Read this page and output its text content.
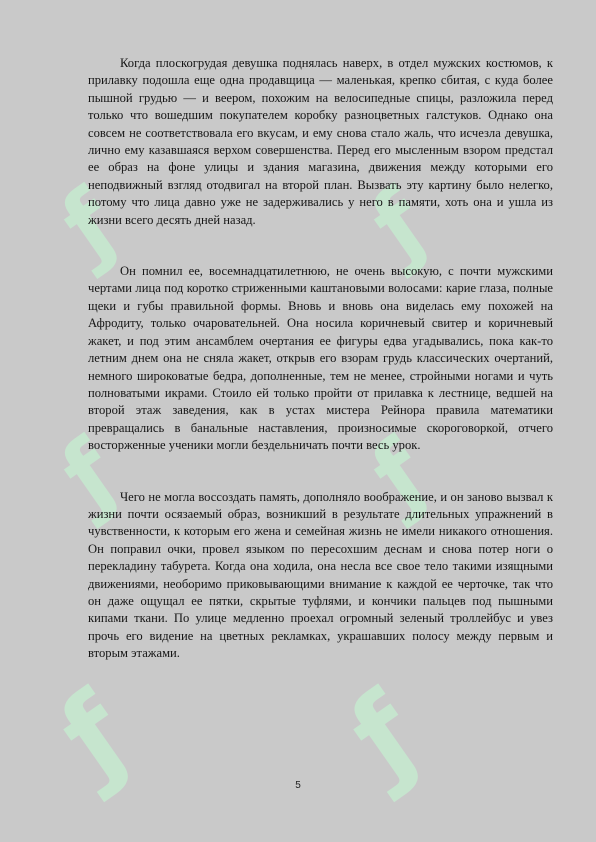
ƒ ƒ
ƒ ƒ
ƒ ƒ

Когда плоскогрудая девушка поднялась наверх, в отдел мужских костюмов, к прилавку подошла еще одна продавщица — маленькая, крепко сбитая, с куда более пышной грудью — и веером, похожим на велосипедные спицы, разложила перед только что вошедшим покупателем коробку разноцветных галстуков. Однако она совсем не соответствовала его вкусам, и ему снова стало жаль, что исчезла девушка, лично ему казавшаяся верхом совершенства. Перед его мысленным взором предстал ее образ на фоне улицы и здания магазина, движения между которыми его неподвижный взгляд отодвигал на второй план. Вызвать эту картину было нелегко, потому что лица давно уже не задерживались у него в памяти, хоть она и ушла из жизни всего десять дней назад.

Он помнил ее, восемнадцатилетнюю, не очень высокую, с почти мужскими чертами лица под коротко стриженными каштановыми волосами: карие глаза, полные щеки и губы правильной формы. Вновь и вновь она виделась ему похожей на Афродиту, только очаровательней. Она носила коричневый свитер и коричневый жакет, и под этим ансамблем очертания ее фигуры едва угадывались, пока как-то летним днем она не сняла жакет, открыв его взорам грудь классических очертаний, немного широковатые бедра, дополненные, тем не менее, стройными ногами и чуть полноватыми икрами. Стоило ей только пройти от прилавка к лестнице, ведшей на второй этаж заведения, как в устах мистера Рейнора правила математики превращались в банальные наставления, произносимые скороговоркой, отчего восторженные ученики могли бездельничать почти весь урок.

Чего не могла воссоздать память, дополняло воображение, и он заново вызвал к жизни почти осязаемый образ, возникший в результате длительных упражнений в чувственности, к которым его жена и семейная жизнь не имели никакого отношения. Он поправил очки, провел языком по пересохшим деснам и снова потер ноги о перекладину табурета. Когда она ходила, она несла все свое тело такими изящными движениями, необоримо приковывающими внимание к каждой ее черточке, так что он даже ощущал ее пятки, скрытые туфлями, и кончики пальцев под пышными кипами ткани. По улице медленно проехал огромный зеленый троллейбус и увез прочь его видение на цветных рекламках, украшавших полосу между первым и вторым этажами.

5
